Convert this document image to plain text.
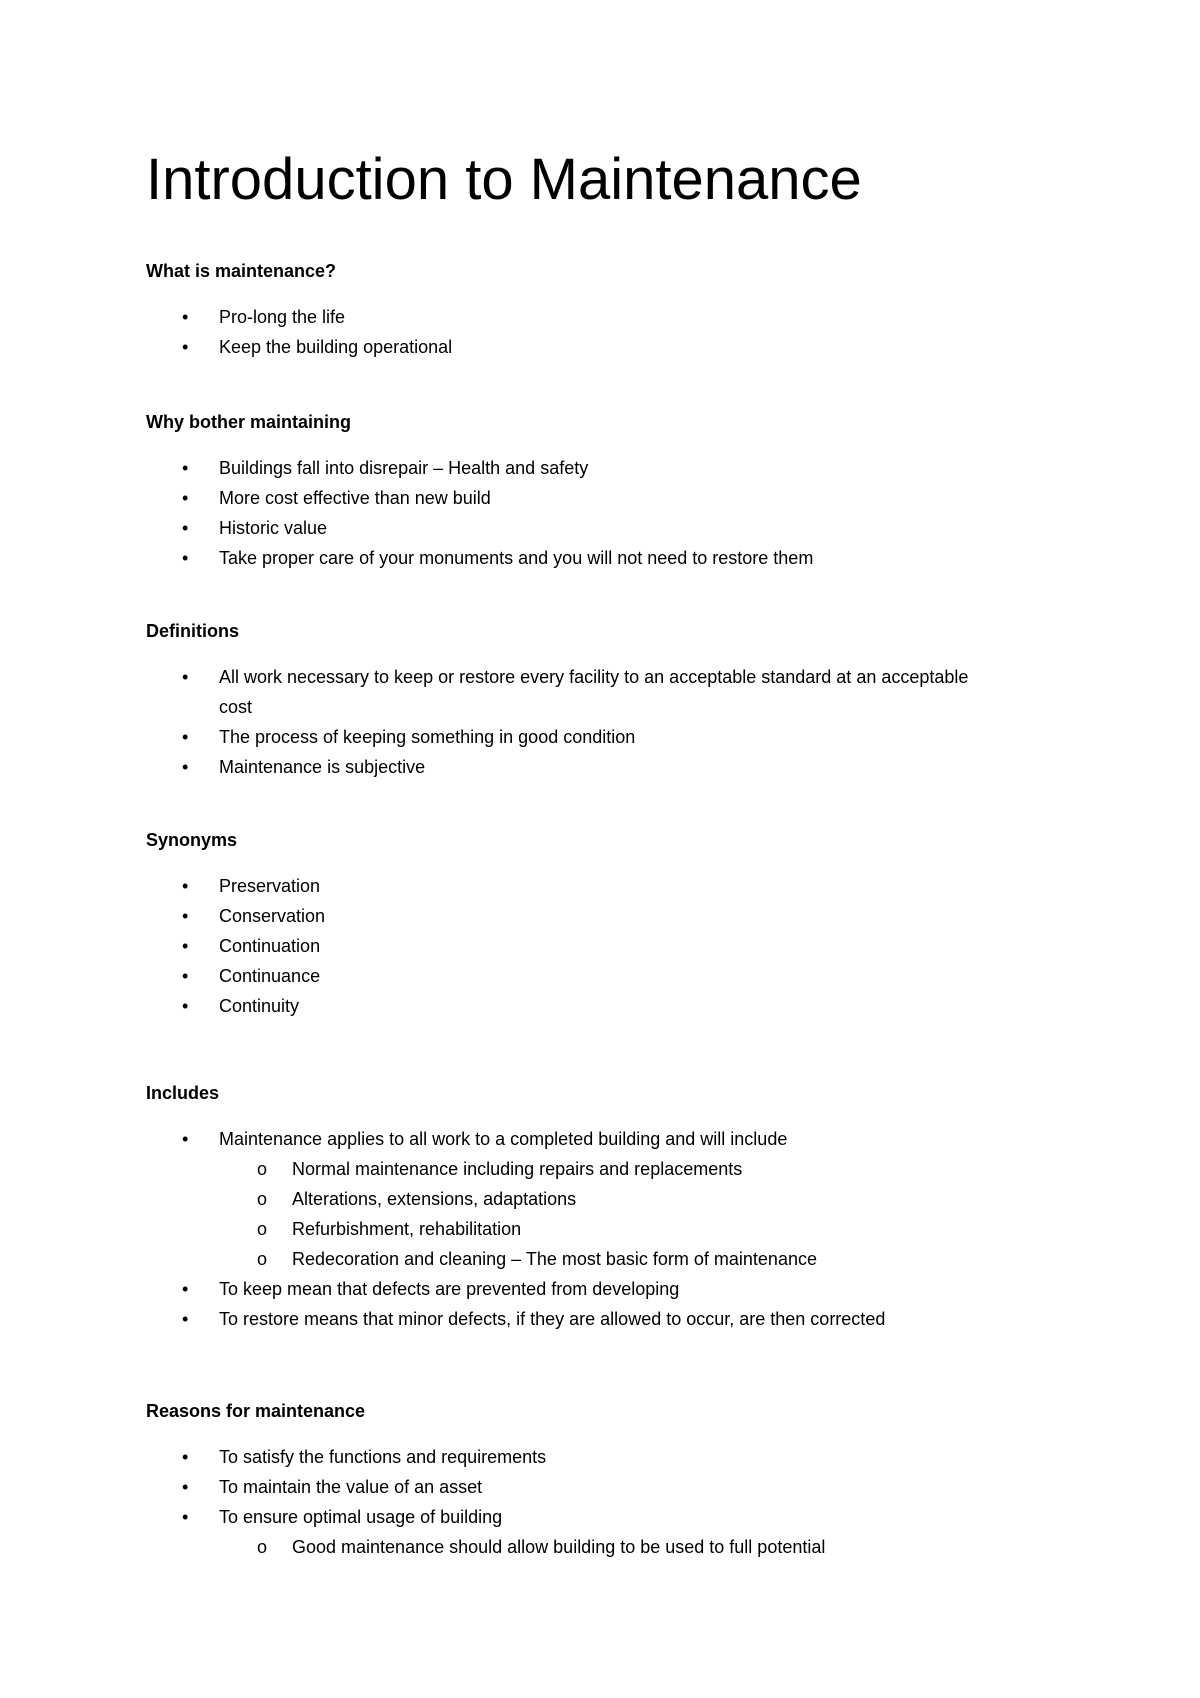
Introduction to Maintenance
What is maintenance?
•	Pro-long the life
•	Keep the building operational
Why bother maintaining
•	Buildings fall into disrepair – Health and safety
•	More cost effective than new build
•	Historic value
•	Take proper care of your monuments and you will not need to restore them
Definitions
•	All work necessary to keep or restore every facility to an acceptable standard at an acceptable cost
•	The process of keeping something in good condition
•	Maintenance is subjective
Synonyms
•	Preservation
•	Conservation
•	Continuation
•	Continuance
•	Continuity
Includes
•	Maintenance applies to all work to a completed building and will include
o Normal maintenance including repairs and replacements
o Alterations, extensions, adaptations
o Refurbishment, rehabilitation
o Redecoration and cleaning – The most basic form of maintenance
•	To keep mean that defects are prevented from developing
•	To restore means that minor defects, if they are allowed to occur, are then corrected
Reasons for maintenance
•	To satisfy the functions and requirements
•	To maintain the value of an asset
•	To ensure optimal usage of building
o Good maintenance should allow building to be used to full potential
